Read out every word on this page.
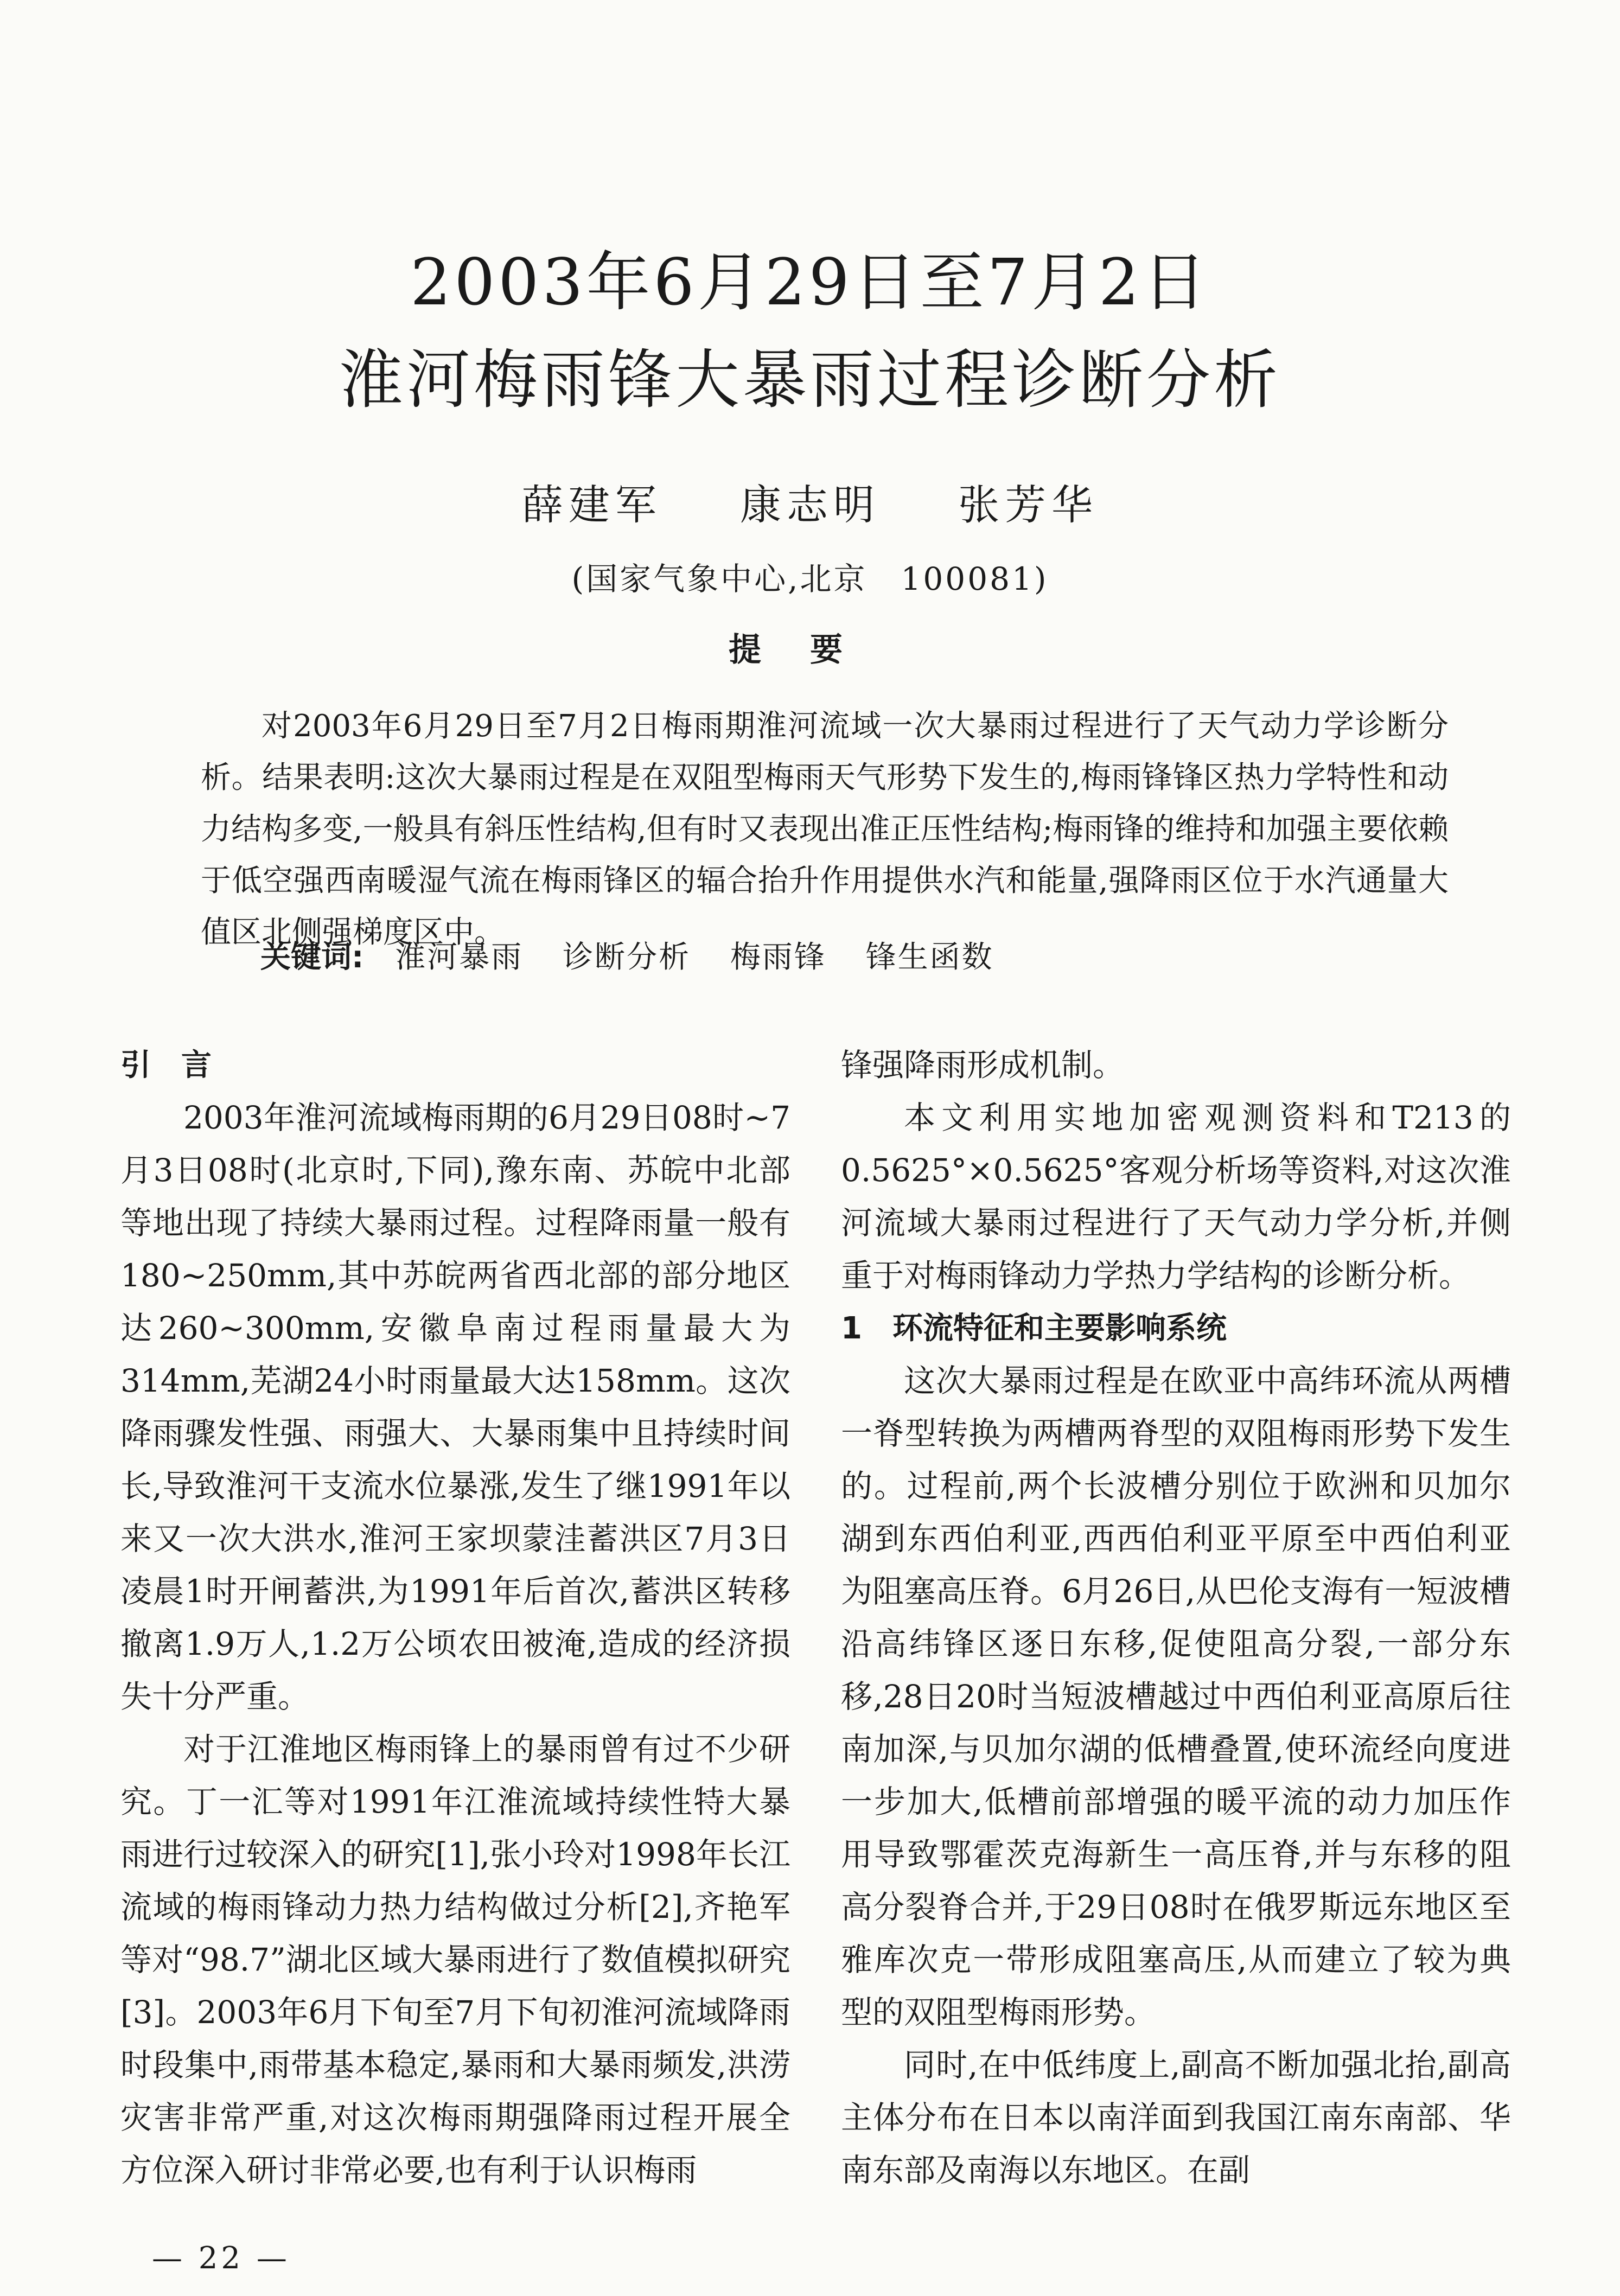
2003年6月29日至7月2日
淮河梅雨锋大暴雨过程诊断分析
薛建军 康志明 张芳华
(国家气象中心,北京　100081)
提要

对2003年6月29日至7月2日梅雨期淮河流域一次大暴雨过程进行了天气动力学诊断分析。结果表明:这次大暴雨过程是在双阻型梅雨天气形势下发生的,梅雨锋锋区热力学特性和动力结构多变,一般具有斜压性结构,但有时又表现出准正压性结构;梅雨锋的维持和加强主要依赖于低空强西南暖湿气流在梅雨锋区的辐合抬升作用提供水汽和能量,强降雨区位于水汽通量大值区北侧强梯度区中。

关键词: 淮河暴雨 诊断分析 梅雨锋 锋生函数
引　言

2003年淮河流域梅雨期的6月29日08时~7月3日08时(北京时,下同),豫东南、苏皖中北部等地出现了持续大暴雨过程。过程降雨量一般有180~250mm,其中苏皖两省西北部的部分地区达260~300mm,安徽阜南过程雨量最大为314mm,芜湖24小时雨量最大达158mm。这次降雨骤发性强、雨强大、大暴雨集中且持续时间长,导致淮河干支流水位暴涨,发生了继1991年以来又一次大洪水,淮河王家坝蒙洼蓄洪区7月3日凌晨1时开闸蓄洪,为1991年后首次,蓄洪区转移撤离1.9万人,1.2万公顷农田被淹,造成的经济损失十分严重。

对于江淮地区梅雨锋上的暴雨曾有过不少研究。丁一汇等对1991年江淮流域持续性特大暴雨进行过较深入的研究[1],张小玲对1998年长江流域的梅雨锋动力热力结构做过分析[2],齐艳军等对“98.7”湖北区域大暴雨进行了数值模拟研究[3]。2003年6月下旬至7月下旬初淮河流域降雨时段集中,雨带基本稳定,暴雨和大暴雨频发,洪涝灾害非常严重,对这次梅雨期强降雨过程开展全方位深入研讨非常必要,也有利于认识梅雨

锋强降雨形成机制。

本文利用实地加密观测资料和T213的0.5625°×0.5625°客观分析场等资料,对这次淮河流域大暴雨过程进行了天气动力学分析,并侧重于对梅雨锋动力学热力学结构的诊断分析。

1　环流特征和主要影响系统

这次大暴雨过程是在欧亚中高纬环流从两槽一脊型转换为两槽两脊型的双阻梅雨形势下发生的。过程前,两个长波槽分别位于欧洲和贝加尔湖到东西伯利亚,西西伯利亚平原至中西伯利亚为阻塞高压脊。6月26日,从巴伦支海有一短波槽沿高纬锋区逐日东移,促使阻高分裂,一部分东移,28日20时当短波槽越过中西伯利亚高原后往南加深,与贝加尔湖的低槽叠置,使环流经向度进一步加大,低槽前部增强的暖平流的动力加压作用导致鄂霍茨克海新生一高压脊,并与东移的阻高分裂脊合并,于29日08时在俄罗斯远东地区至雅库次克一带形成阻塞高压,从而建立了较为典型的双阻型梅雨形势。

同时,在中低纬度上,副高不断加强北抬,副高主体分布在日本以南洋面到我国江南东南部、华南东部及南海以东地区。在副

— 22 —
